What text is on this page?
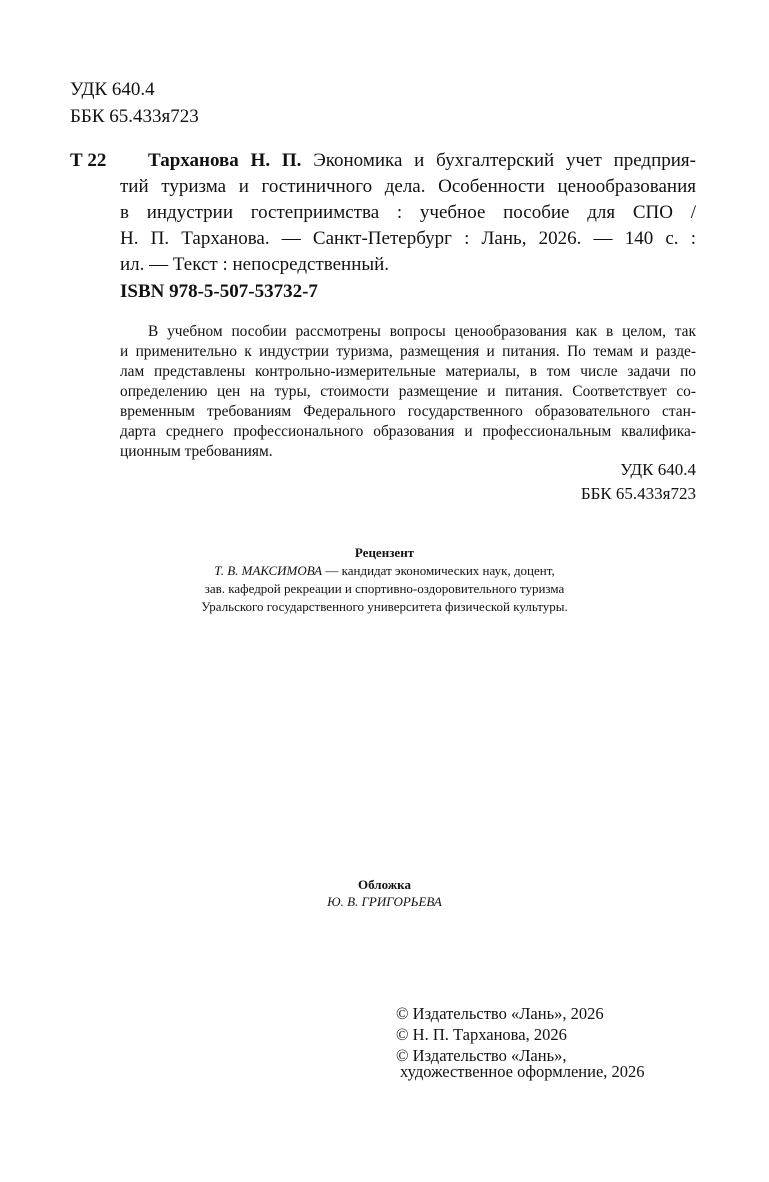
УДК 640.4
ББК 65.433я723
Т 22 Тарханова Н. П. Экономика и бухгалтерский учет предприя-
тий туризма и гостиничного дела. Особенности ценообразования
в индустрии гостеприимства : учебное пособие для СПО /
Н. П. Тарханова. — Санкт-Петербург : Лань, 2026. — 140 с. :
ил. — Текст : непосредственный.
ISBN 978-5-507-53732-7
В учебном пособии рассмотрены вопросы ценообразования как в целом, так
и применительно к индустрии туризма, размещения и питания. По темам и разде-
лам представлены контрольно-измерительные материалы, в том числе задачи по
определению цен на туры, стоимости размещение и питания. Соответствует со-
временным требованиям Федерального государственного образовательного стан-
дарта среднего профессионального образования и профессиональным квалифика-
ционным требованиям.
УДК 640.4
ББК 65.433я723
Рецензент
Т. В. МАКСИМОВА — кандидат экономических наук, доцент,
зав. кафедрой рекреации и спортивно-оздоровительного туризма
Уральского государственного университета физической культуры.
Обложка
Ю. В. ГРИГОРЬЕВА
© Издательство «Лань», 2026
© Н. П. Тарханова, 2026
© Издательство «Лань»,
художественное оформление, 2026
